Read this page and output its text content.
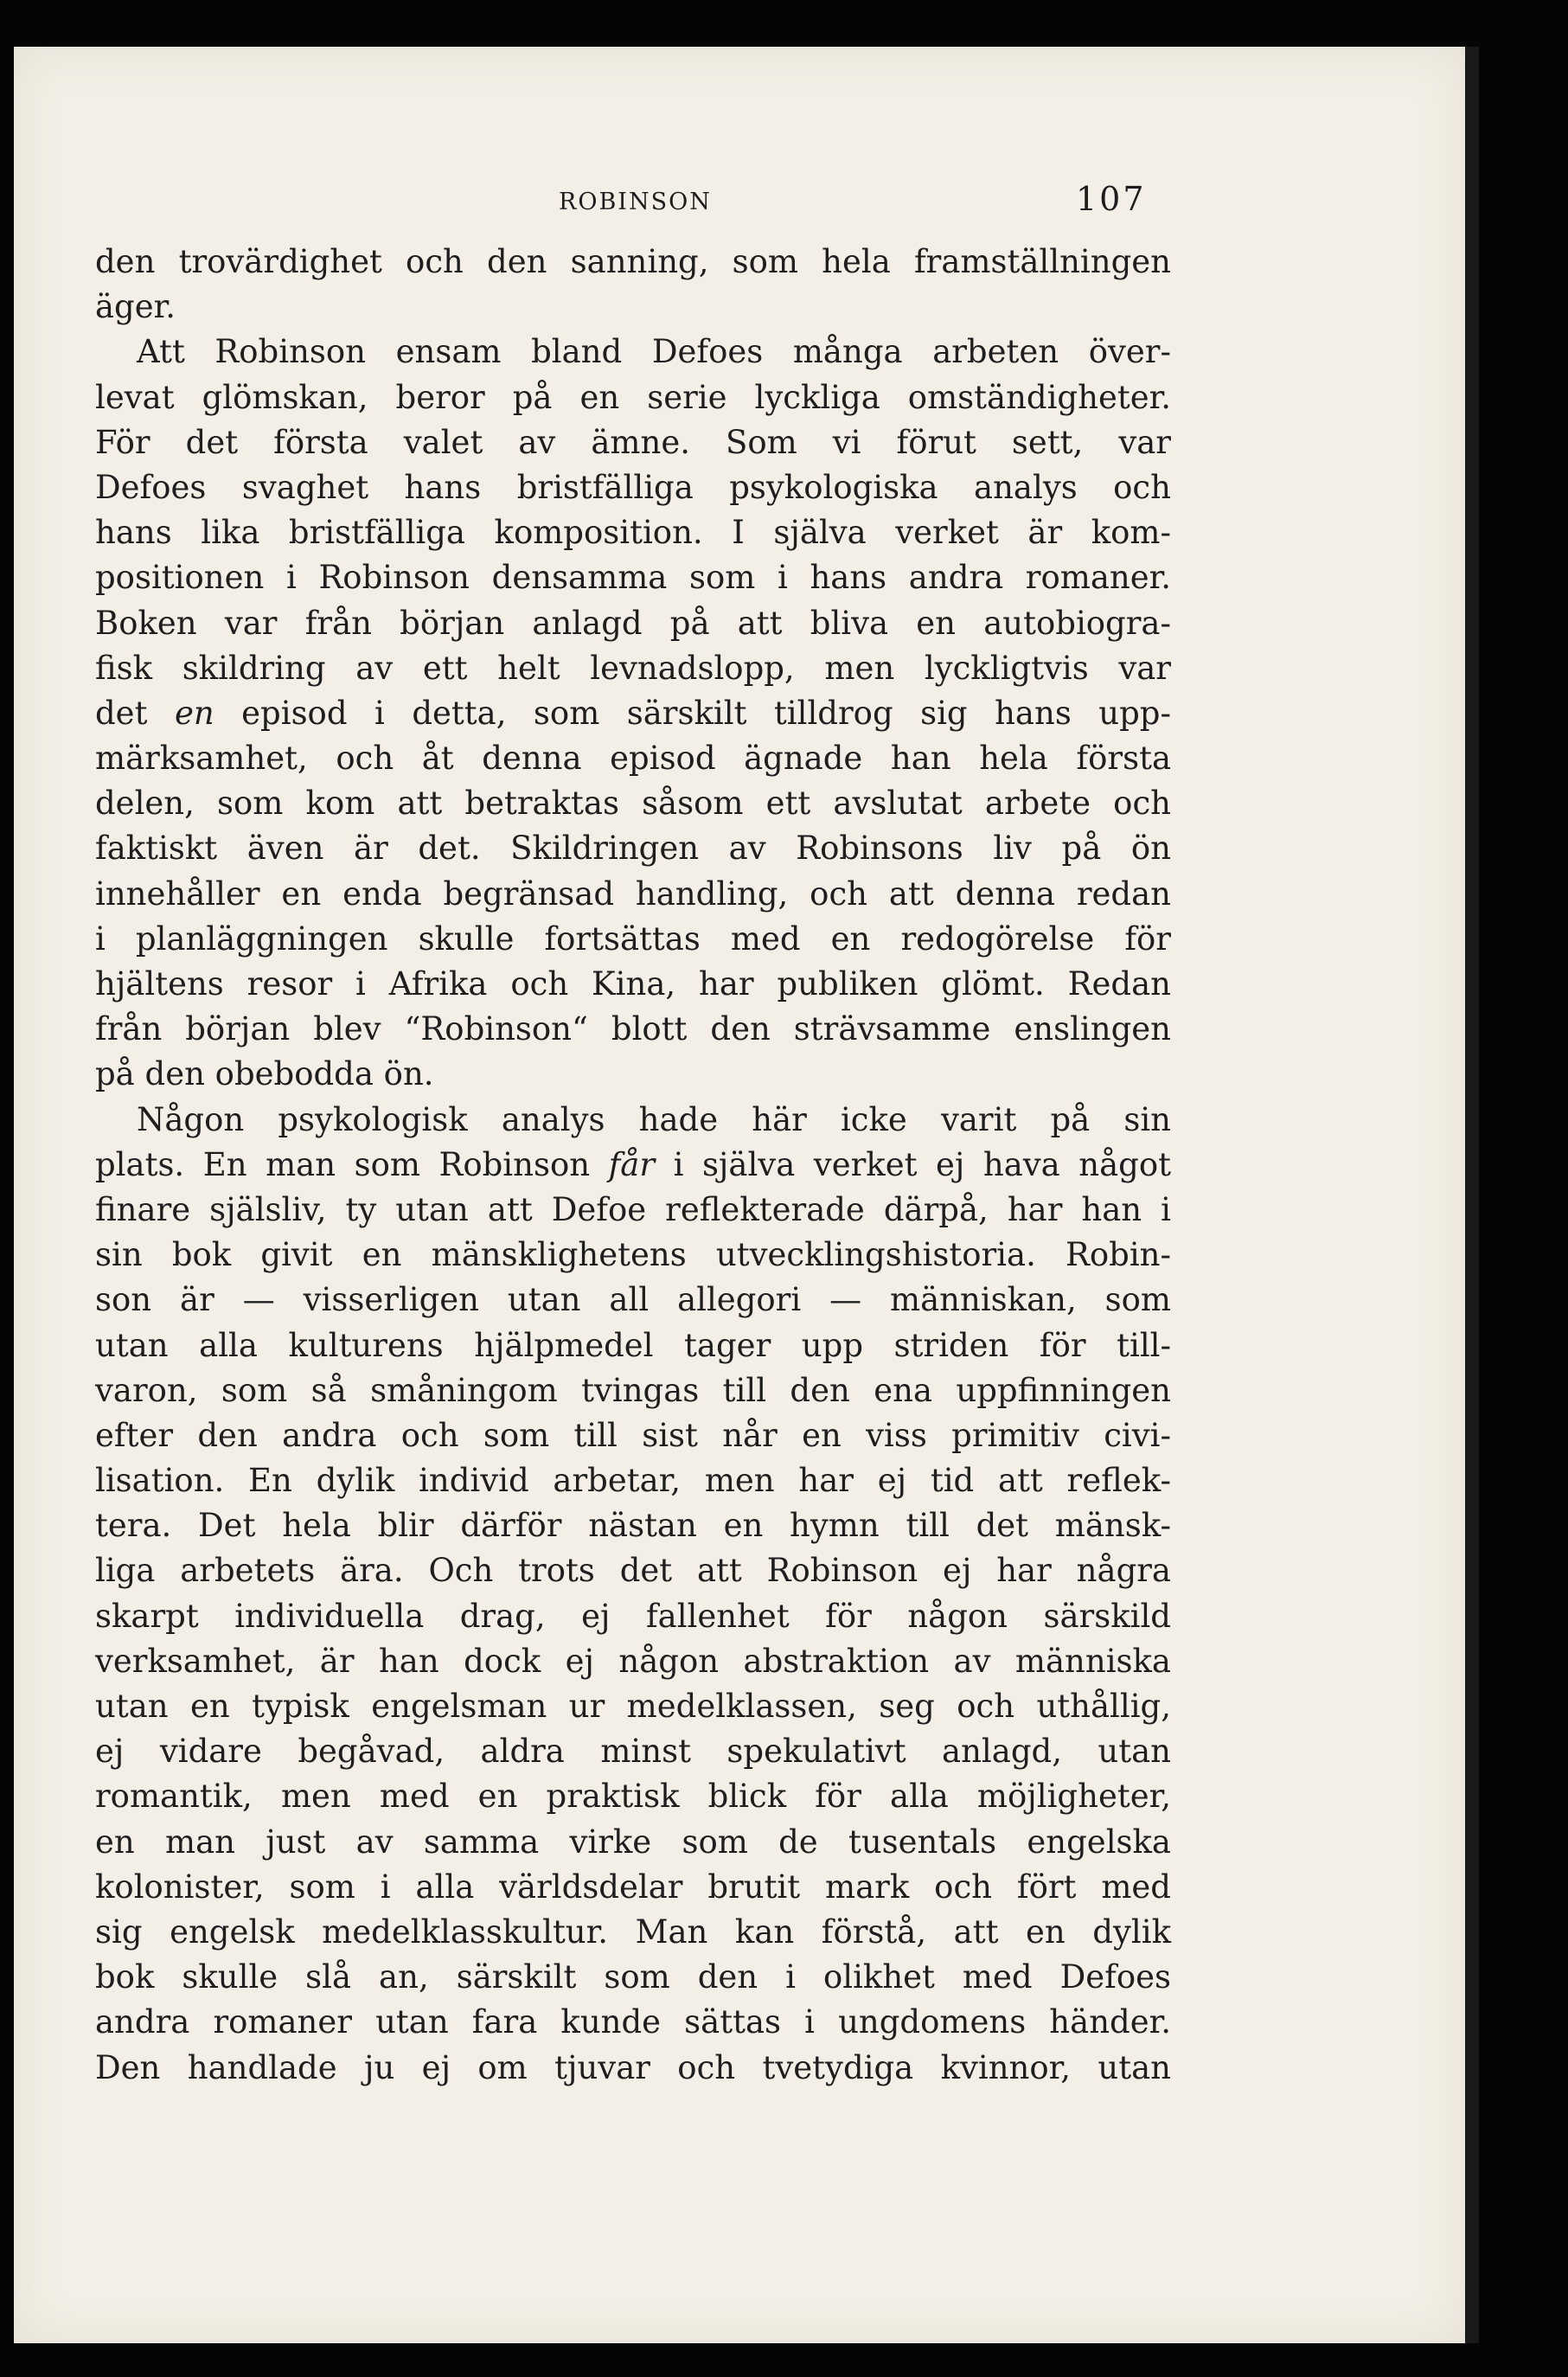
ROBINSON	107
den trovärdighet och den sanning, som hela framställningen
äger.
Att Robinson ensam bland Defoes många arbeten över-
levat glömskan, beror på en serie lyckliga omständigheter.
För det första valet av ämne. Som vi förut sett, var
Defoes svaghet hans bristfälliga psykologiska analys och
hans lika bristfälliga komposition. I själva verket är kom-
positionen i Robinson densamma som i hans andra romaner.
Boken var från början anlagd på att bliva en autobiogra-
fisk skildring av ett helt levnadslopp, men lyckligtvis var
det en episod i detta, som särskilt tilldrog sig hans upp-
märksamhet, och åt denna episod ägnade han hela första
delen, som kom att betraktas såsom ett avslutat arbete och
faktiskt även är det. Skildringen av Robinsons liv på ön
innehåller en enda begränsad handling, och att denna redan
i planläggningen skulle fortsättas med en redogörelse för
hjältens resor i Afrika och Kina, har publiken glömt. Redan
från början blev “Robinson“ blott den strävsamme enslingen
på den obebodda ön.
Någon psykologisk analys hade här icke varit på sin
plats. En man som Robinson får i själva verket ej hava något
finare själsliv, ty utan att Defoe reflekterade därpå, har han i
sin bok givit en mänsklighetens utvecklingshistoria. Robin-
son är — visserligen utan all allegori — människan, som
utan alla kulturens hjälpmedel tager upp striden för till-
varon, som så småningom tvingas till den ena uppfinningen
efter den andra och som till sist når en viss primitiv civi-
lisation. En dylik individ arbetar, men har ej tid att reflek-
tera. Det hela blir därför nästan en hymn till det mänsk-
liga arbetets ära. Och trots det att Robinson ej har några
skarpt individuella drag, ej fallenhet för någon särskild
verksamhet, är han dock ej någon abstraktion av människa
utan en typisk engelsman ur medelklassen, seg och uthållig,
ej vidare begåvad, aldra minst spekulativt anlagd, utan
romantik, men med en praktisk blick för alla möjligheter,
en man just av samma virke som de tusentals engelska
kolonister, som i alla världsdelar brutit mark och fört med
sig engelsk medelklasskultur. Man kan förstå, att en dylik
bok skulle slå an, särskilt som den i olikhet med Defoes
andra romaner utan fara kunde sättas i ungdomens händer.
Den handlade ju ej om tjuvar och tvetydiga kvinnor, utan
